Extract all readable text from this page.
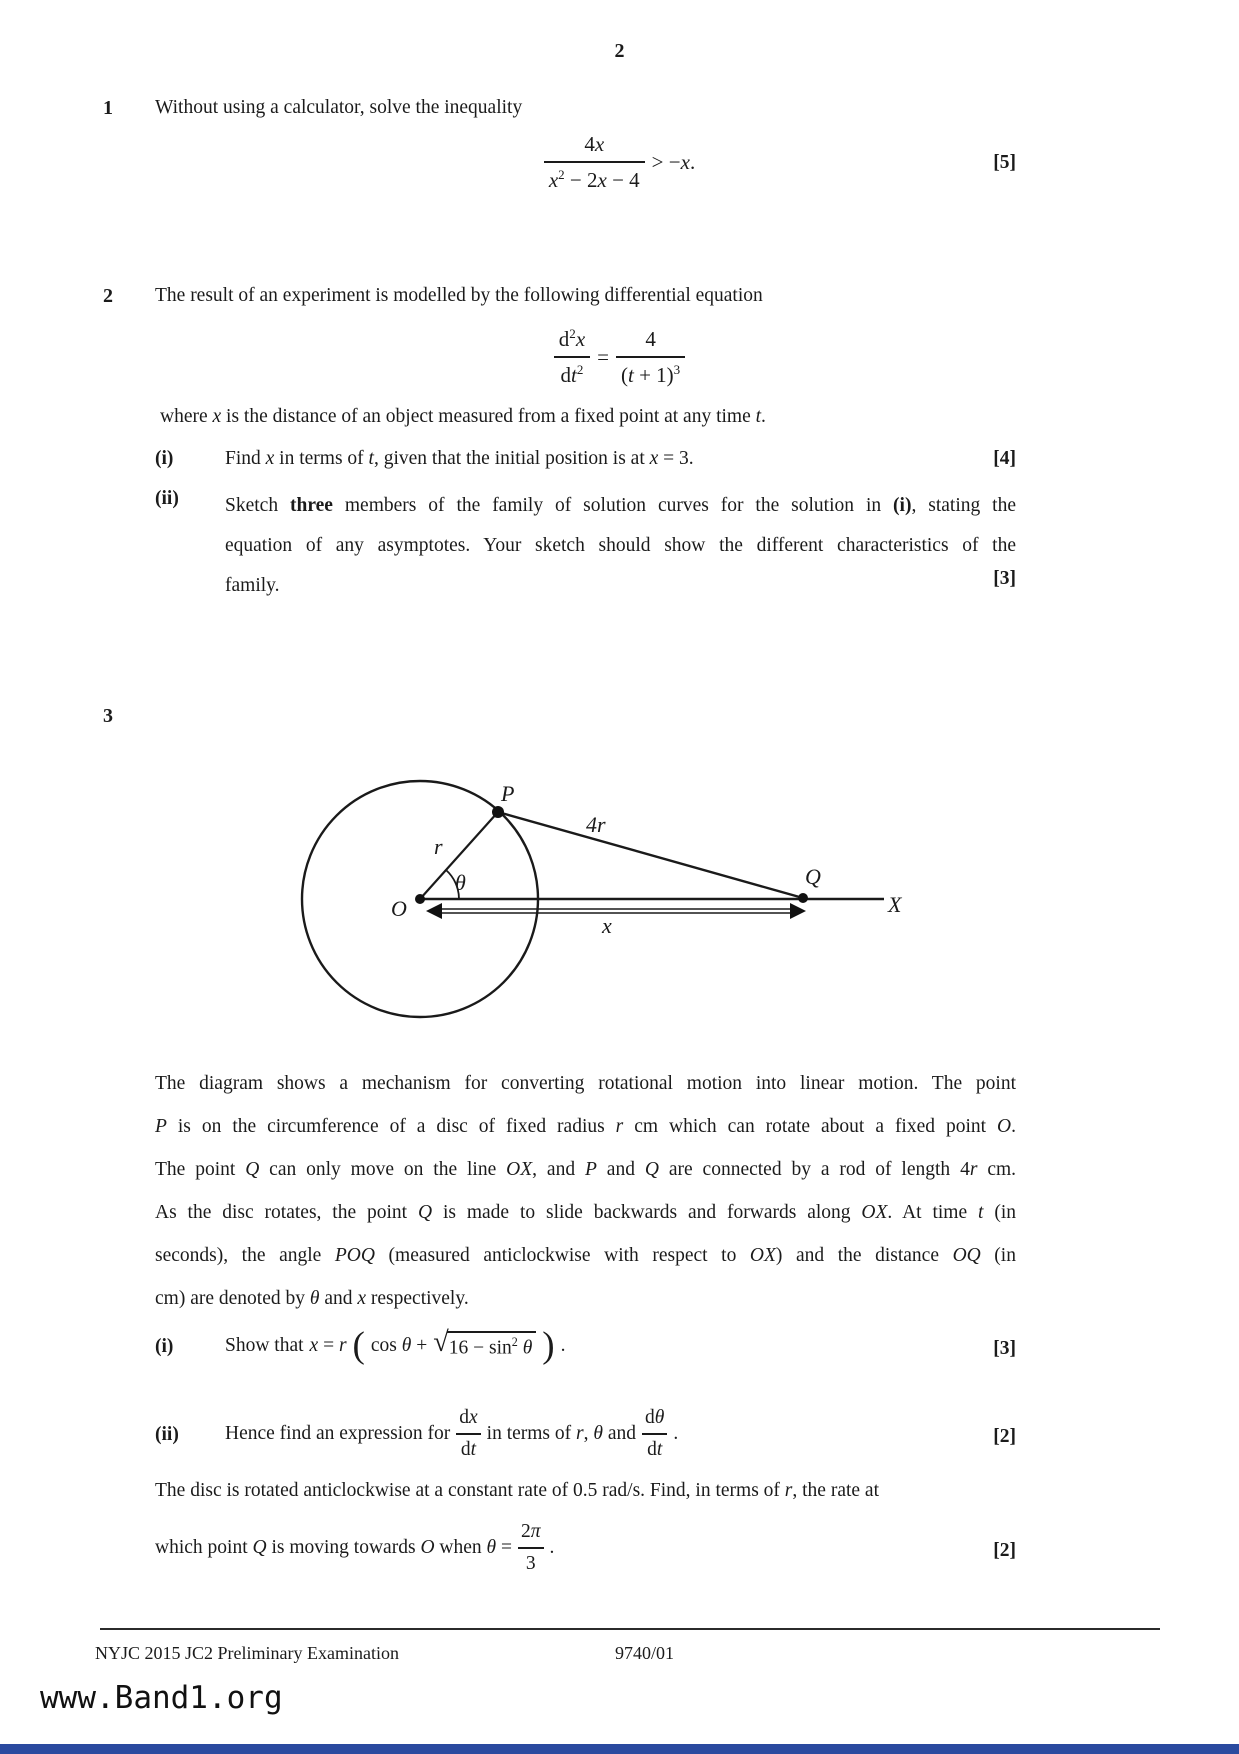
2
1 Without using a calculator, solve the inequality
$\frac{4x}{x^2 - 2x - 4} > -x$.	[5]
2 The result of an experiment is modelled by the following differential equation
$\frac{d^2x}{dt^2} = \frac{4}{(t + 1)^3}$
where x is the distance of an object measured from a fixed point at any time t.
(i)	Find x in terms of t, given that the initial position is at x = 3.	[4]
(ii) Sketch three members of the family of solution curves for the solution in (i), stating the
equation of any asymptotes. Your sketch should show the different characteristics of the
family.	[3]
3
P
Q
O	X
r
4r
x
θ
The diagram shows a mechanism for converting rotational motion into linear motion. The point
P is on the circumference of a disc of fixed radius r cm which can rotate about a fixed point O.
The point Q can only move on the line OX, and P and Q are connected by a rod of length 4r cm.
As the disc rotates, the point Q is made to slide backwards and forwards along OX. At time t (in
seconds), the angle POQ (measured anticlockwise with respect to OX) and the distance OQ (in
cm) are denoted by θ and x respectively.
(i)	Show that x = r ( $\cos \theta + √16 - \sin^2 \theta$ ) .	[3]
(ii) Hence find an expression for $\frac{dx}{dt}$ in terms of r, θ and $\frac{d\theta}{dt}$ .	[2]
The disc is rotated anticlockwise at a constant rate of 0.5 rad/s. Find, in terms of r, the rate at
which point Q is moving towards O when $\theta = \frac{2\pi}{3}$ .	[2]
NYJC 2015 JC2 Preliminary Examination	9740/01
www.Band1.org
